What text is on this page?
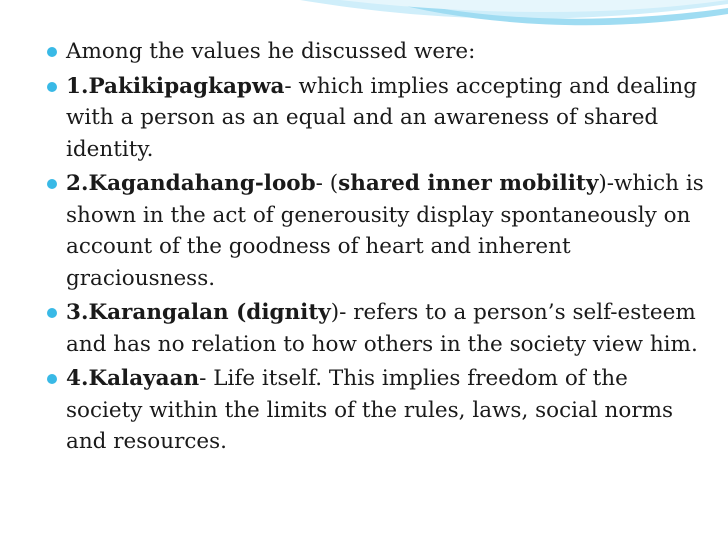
Among the values he discussed were:
1.Pakikipagkapwa- which implies accepting and dealing with a person as an equal and an awareness of shared identity.
2.Kagandahang-loob- (shared inner mobility)-which is shown in the act of generousity display spontaneously on account of the goodness of heart and inherent graciousness.
3.Karangalan (dignity)- refers to a person’s self-esteem and has no relation to how others in the society view him.
4.Kalayaan- Life itself. This implies freedom of the society within the limits of the rules, laws, social norms and resources.
